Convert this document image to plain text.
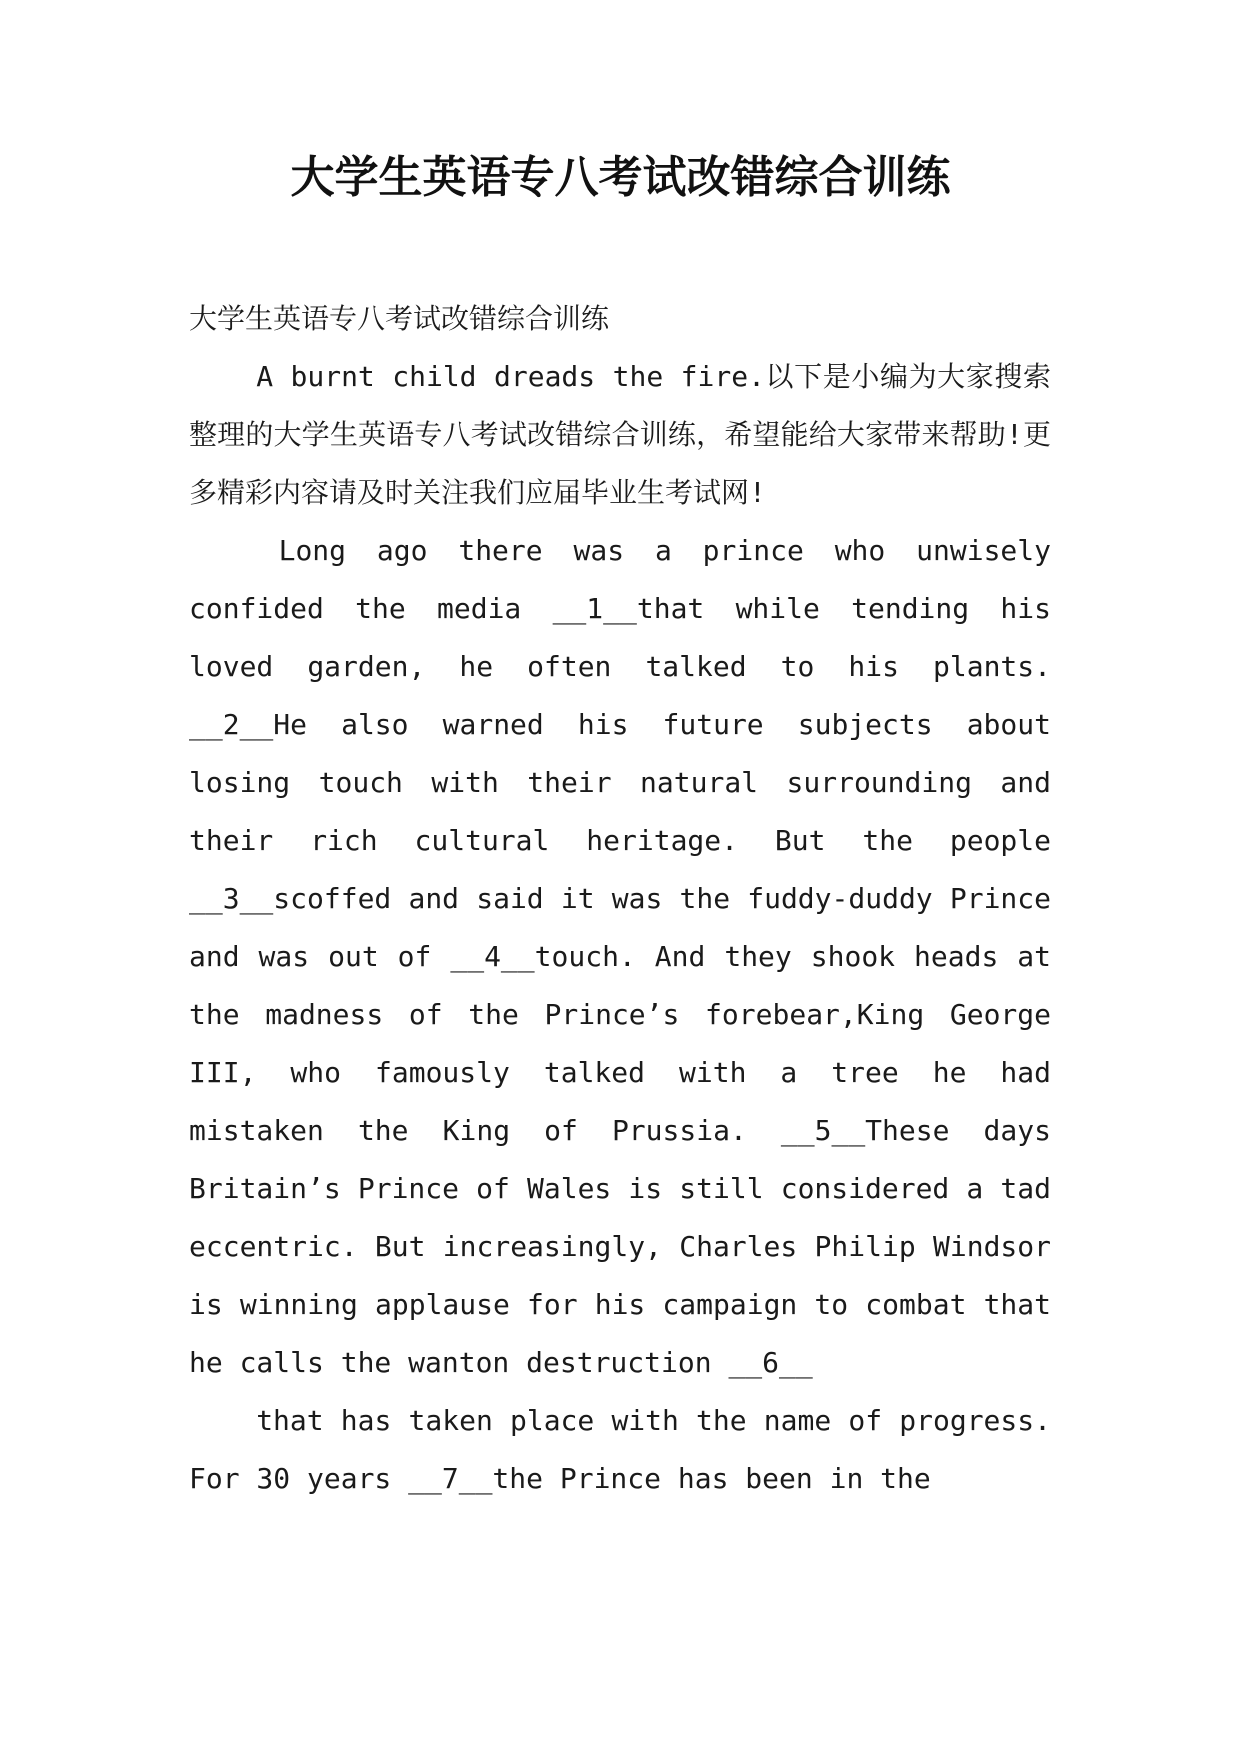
大学生英语专八考试改错综合训练

大学生英语专八考试改错综合训练

A burnt child dreads the fire.以下是小编为大家搜索整理的大学生英语专八考试改错综合训练，希望能给大家带来帮助!更多精彩内容请及时关注我们应届毕业生考试网!

Long ago there was a prince who unwisely confided the media __1__that while tending his loved garden, he often talked to his plants. __2__He also warned his future subjects about losing touch with their natural surrounding and their rich cultural heritage. But the people __3__scoffed and said it was the fuddy-duddy Prince and was out of __4__touch. And they shook heads at the madness of the Prince’s forebear,King George III, who famously talked with a tree he had mistaken the King of Prussia. __5__These days Britain’s Prince of Wales is still considered a tad eccentric. But increasingly, Charles Philip Windsor is winning applause for his campaign to combat that he calls the wanton destruction __6__

that has taken place with the name of progress. For 30 years __7__the Prince has been in the
